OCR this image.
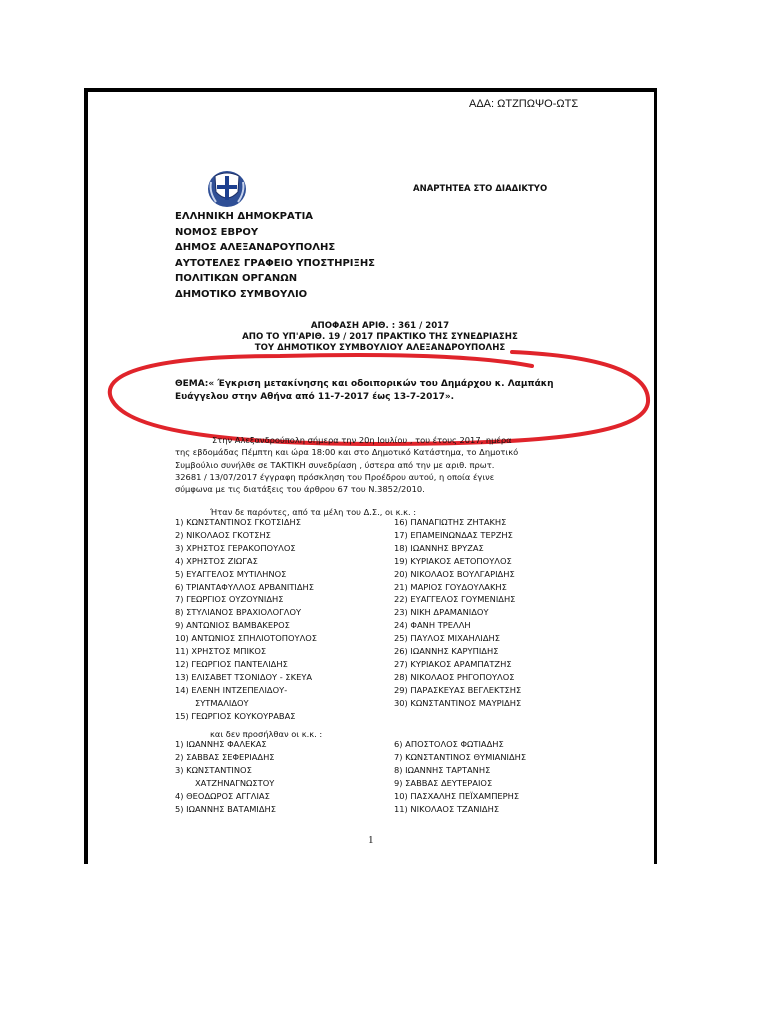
ΑΔΑ: ΩΤΖΠΩΨΟ-ΩΤΣ
ΑΝΑΡΤΗΤΕΑ ΣΤΟ ΔΙΑΔΙΚΤΥΟ
ΕΛΛΗΝΙΚΗ ΔΗΜΟΚΡΑΤΙΑ
ΝΟΜΟΣ ΕΒΡΟΥ
ΔΗΜΟΣ ΑΛΕΞΑΝΔΡΟΥΠΟΛΗΣ
ΑΥΤΟΤΕΛΕΣ ΓΡΑΦΕΙΟ ΥΠΟΣΤΗΡΙΞΗΣ
ΠΟΛΙΤΙΚΩΝ ΟΡΓΑΝΩΝ
ΔΗΜΟΤΙΚΟ ΣΥΜΒΟΥΛΙΟ
ΑΠΟΦΑΣΗ ΑΡΙΘ. : 361 / 2017
ΑΠΟ ΤΟ ΥΠ'ΑΡΙΘ. 19 / 2017 ΠΡΑΚΤΙΚΟ ΤΗΣ ΣΥΝΕΔΡΙΑΣΗΣ
ΤΟΥ ΔΗΜΟΤΙΚΟΥ ΣΥΜΒΟΥΛΙΟΥ ΑΛΕΞΑΝΔΡΟΥΠΟΛΗΣ
ΘΕΜΑ:« Έγκριση μετακίνησης και οδοιπορικών του Δημάρχου κ. Λαμπάκη
Ευάγγελου στην Αθήνα από 11-7-2017 έως 13-7-2017».
Στην Αλεξανδρούπολη σήμερα την 20η Ιουλίου , του έτους 2017, ημέρα
της εβδομάδας Πέμπτη και ώρα 18:00 και στο Δημοτικό Κατάστημα, το Δημοτικό
Συμβούλιο συνήλθε σε ΤΑΚΤΙΚΗ συνεδρίαση , ύστερα από την με αριθ. πρωτ.
32681 / 13/07/2017 έγγραφη πρόσκληση του Προέδρου αυτού, η οποία έγινε
σύμφωνα με τις διατάξεις του άρθρου 67 του Ν.3852/2010.
Ήταν δε παρόντες, από τα μέλη του Δ.Σ., οι κ.κ. :
1) ΚΩΝΣΤΑΝΤΙΝΟΣ ΓΚΟΤΣΙΔΗΣ
2) ΝΙΚΟΛΑΟΣ ΓΚΟΤΣΗΣ
3) ΧΡΗΣΤΟΣ ΓΕΡΑΚΟΠΟΥΛΟΣ
4) ΧΡΗΣΤΟΣ ΖΙΩΓΑΣ
5) ΕΥΑΓΓΕΛΟΣ ΜΥΤΙΛΗΝΟΣ
6) ΤΡΙΑΝΤΑΦΥΛΛΟΣ ΑΡΒΑΝΙΤΙΔΗΣ
7) ΓΕΩΡΓΙΟΣ ΟΥΖΟΥΝΙΔΗΣ
8) ΣΤΥΛΙΑΝΟΣ ΒΡΑΧΙΟΛΟΓΛΟΥ
9) ΑΝΤΩΝΙΟΣ ΒΑΜΒΑΚΕΡΟΣ
10) ΑΝΤΩΝΙΟΣ ΣΠΗΛΙΟΤΟΠΟΥΛΟΣ
11) ΧΡΗΣΤΟΣ ΜΠΙΚΟΣ
12) ΓΕΩΡΓΙΟΣ ΠΑΝΤΕΛΙΔΗΣ
13) ΕΛΙΣΑΒΕΤ ΤΣΟΝΙΔΟΥ - ΣΚΕΥΑ
14) ΕΛΕΝΗ ΙΝΤΖΕΠΕΛΙΔΟΥ-
ΣΥΤΜΑΛΙΔΟΥ
15) ΓΕΩΡΓΙΟΣ ΚΟΥΚΟΥΡΑΒΑΣ
16) ΠΑΝΑΓΙΩΤΗΣ ΖΗΤΑΚΗΣ
17) ΕΠΑΜΕΙΝΩΝΔΑΣ ΤΕΡΖΗΣ
18) ΙΩΑΝΝΗΣ ΒΡΥΖΑΣ
19) ΚΥΡΙΑΚΟΣ ΑΕΤΟΠΟΥΛΟΣ
20) ΝΙΚΟΛΑΟΣ ΒΟΥΛΓΑΡΙΔΗΣ
21) ΜΑΡΙΟΣ ΓΟΥΔΟΥΛΑΚΗΣ
22) ΕΥΑΓΓΕΛΟΣ ΓΟΥΜΕΝΙΔΗΣ
23) ΝΙΚΗ ΔΡΑΜΑΝΙΔΟΥ
24) ΦΑΝΗ ΤΡΕΛΛΗ
25) ΠΑΥΛΟΣ ΜΙΧΑΗΛΙΔΗΣ
26) ΙΩΑΝΝΗΣ ΚΑΡΥΠΙΔΗΣ
27) ΚΥΡΙΑΚΟΣ ΑΡΑΜΠΑΤΖΗΣ
28) ΝΙΚΟΛΑΟΣ ΡΗΓΟΠΟΥΛΟΣ
29) ΠΑΡΑΣΚΕΥΑΣ ΒΕΓΛΕΚΤΣΗΣ
30) ΚΩΝΣΤΑΝΤΙΝΟΣ ΜΑΥΡΙΔΗΣ
και δεν προσήλθαν οι κ.κ. :
1) ΙΩΑΝΝΗΣ ΦΑΛΕΚΑΣ
2) ΣΑΒΒΑΣ ΣΕΦΕΡΙΑΔΗΣ
3) ΚΩΝΣΤΑΝΤΙΝΟΣ
ΧΑΤΖΗΝΑΓΝΩΣΤΟΥ
4) ΘΕΟΔΩΡΟΣ ΑΓΓΛΙΑΣ
5) ΙΩΑΝΝΗΣ ΒΑΤΑΜΙΔΗΣ
6) ΑΠΟΣΤΟΛΟΣ ΦΩΤΙΑΔΗΣ
7) ΚΩΝΣΤΑΝΤΙΝΟΣ ΘΥΜΙΑΝΙΔΗΣ
8) ΙΩΑΝΝΗΣ ΤΑΡΤΑΝΗΣ
9) ΣΑΒΒΑΣ ΔΕΥΤΕΡΑΙΟΣ
10) ΠΑΣΧΑΛΗΣ ΠΕΪΧΑΜΠΕΡΗΣ
11) ΝΙΚΟΛΑΟΣ ΤΖΑΝΙΔΗΣ
1
